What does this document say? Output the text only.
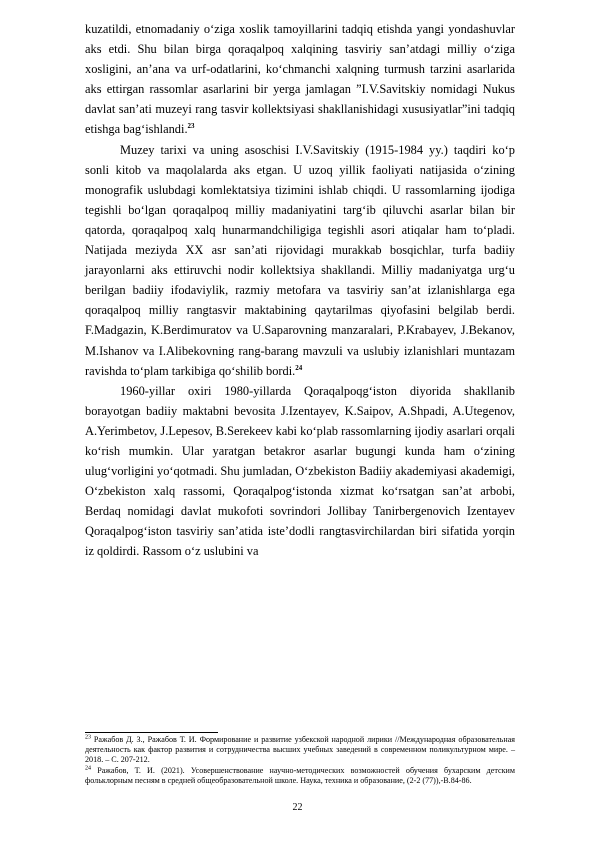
kuzatildi, etnomadaniy oʻziga xoslik tamoyillarini tadqiq etishda yangi yondashuvlar aks etdi. Shu bilan birga qoraqalpoq xalqining tasviriy sanʼatdagi milliy oʻziga xosligini, anʼana va urf-odatlarini, koʻchmanchi xalqning turmush tarzini asarlarida aks ettirgan rassomlar asarlarini bir yerga jamlagan ”I.V.Savitskiy nomidagi Nukus davlat sanʼati muzeyi rang tasvir kollektsiyasi shakllanishidagi xususiyatlar”ini tadqiq etishga bagʻishlandi.$^{23}$

Muzey tarixi va uning asoschisi I.V.Savitskiy (1915-1984 yy.) taqdiri koʻp sonli kitob va maqolalarda aks etgan. U uzoq yillik faoliyati natijasida oʻzining monografik uslubdagi komlektatsiya tizimini ishlab chiqdi. U rassomlarning ijodiga tegishli boʻlgan qoraqalpoq milliy madaniyatini targʻib qiluvchi asarlar bilan bir qatorda, qoraqalpoq xalq hunarmandchiligiga tegishli asori atiqalar ham toʻpladi. Natijada meziyda XX asr sanʼati rijovidagi murakkab bosqichlar, turfa badiiy jarayonlarni aks ettiruvchi nodir kollektsiya shakllandi. Milliy madaniyatga urgʻu berilgan badiiy ifodaviylik, razmiy metofara va tasviriy sanʼat izlanishlarga ega qoraqalpoq milliy rangtasvir maktabining qaytarilmas qiyofasini belgilab berdi. F.Madgazin, K.Berdimuratov va U.Saparovning manzaralari, P.Krabayev, J.Bekanov, M.Ishanov va I.Alibekovning rang-barang mavzuli va uslubiy izlanishlari muntazam ravishda toʻplam tarkibiga qoʻshilib bordi.$^{24}$

1960-yillar oxiri 1980-yillarda Qoraqalpoqgʻiston diyorida shakllanib borayotgan badiiy maktabni bevosita J.Izentayev, K.Saipov, A.Shpadi, A.Utegenov, A.Yerimbetov, J.Lepesov, B.Serekeev kabi koʻplab rassomlarning ijodiy asarlari orqali koʻrish mumkin. Ular yaratgan betakror asarlar bugungi kunda ham oʻzining ulugʻvorligini yoʻqotmadi. Shu jumladan, Oʻzbekiston Badiiy akademiyasi akademigi, Oʻzbekiston xalq rassomi, Qoraqalpogʻistonda xizmat koʻrsatgan sanʼat arbobi, Berdaq nomidagi davlat mukofoti sovrindori Jollibay Tanirbergenovich Izentayev Qoraqalpogʻiston tasviriy sanʼatida isteʼdodli rangtasvirchilardan biri sifatida yorqin iz qoldirdi. Rassom oʻz uslubini va

$^{23}$ Ражабов Д. З., Ражабов Т. И. Формирование и развитие узбекской народной лирики //Международная образовательная деятельность как фактор развития и сотрудничества высших учебных заведений в современном поликультурном мире. – 2018. – С. 207-212.

$^{24}$ Ражабов, Т. И. (2021). Усовершенствование научно-методических возможностей обучения бухарским детским фольклорным песням в средней общеобразовательной школе. Наука, техника и образование, (2-2 (77)),-В.84-86.

22
